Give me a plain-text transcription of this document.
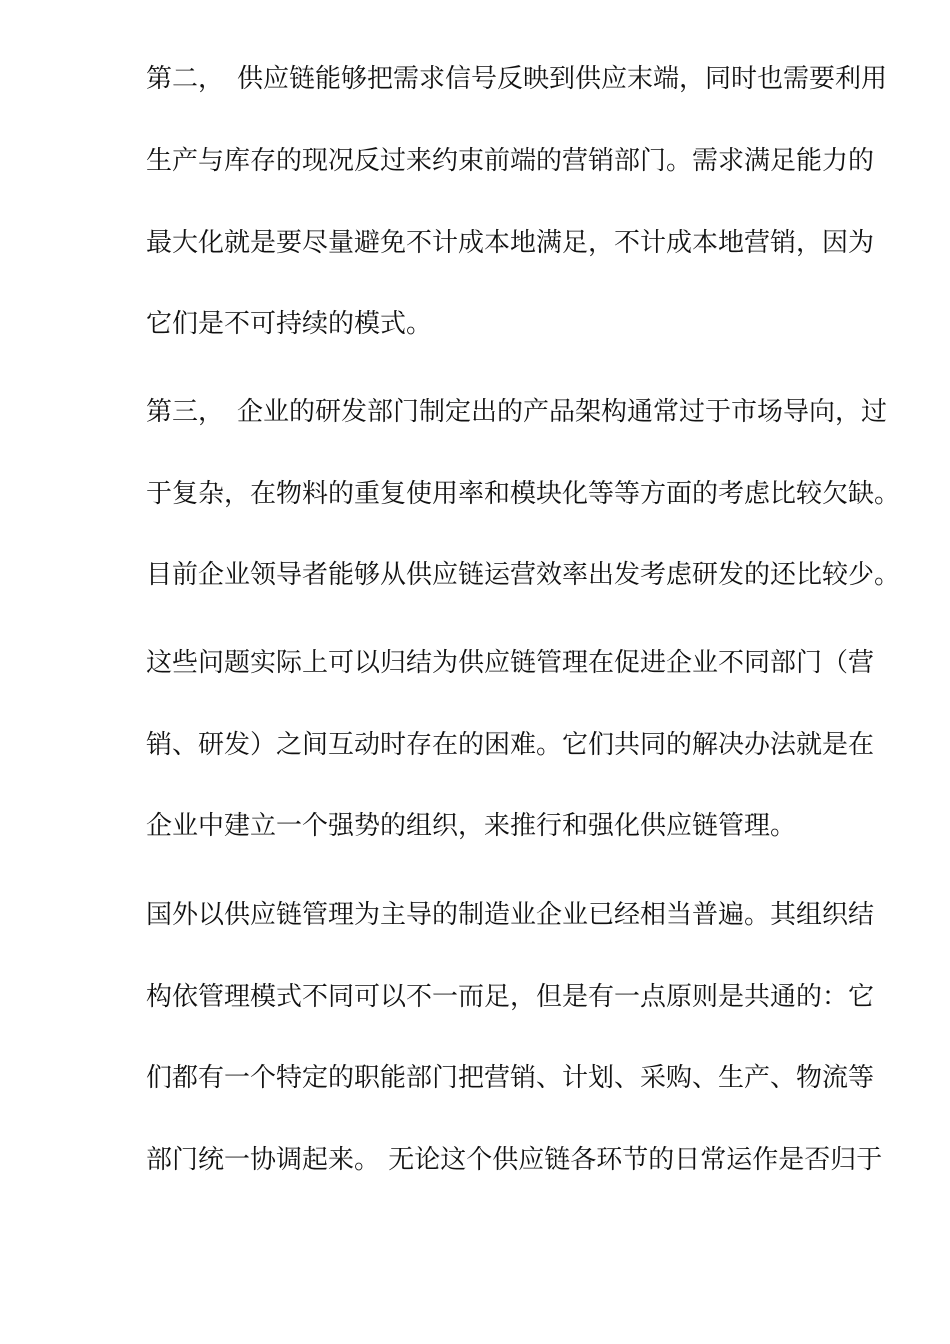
第二，　供应链能够把需求信号反映到供应末端，同时也需要利用
生产与库存的现况反过来约束前端的营销部门。需求满足能力的
最大化就是要尽量避免不计成本地满足，不计成本地营销，因为
它们是不可持续的模式。
第三，　企业的研发部门制定出的产品架构通常过于市场导向，过
于复杂，在物料的重复使用率和模块化等等方面的考虑比较欠缺。
目前企业领导者能够从供应链运营效率出发考虑研发的还比较少。
这些问题实际上可以归结为供应链管理在促进企业不同部门（营
销、研发）之间互动时存在的困难。它们共同的解决办法就是在
企业中建立一个强势的组织，来推行和强化供应链管理。
国外以供应链管理为主导的制造业企业已经相当普遍。其组织结
构依管理模式不同可以不一而足，但是有一点原则是共通的：它
们都有一个特定的职能部门把营销、计划、采购、生产、物流等
部门统一协调起来。 无论这个供应链各环节的日常运作是否归于
